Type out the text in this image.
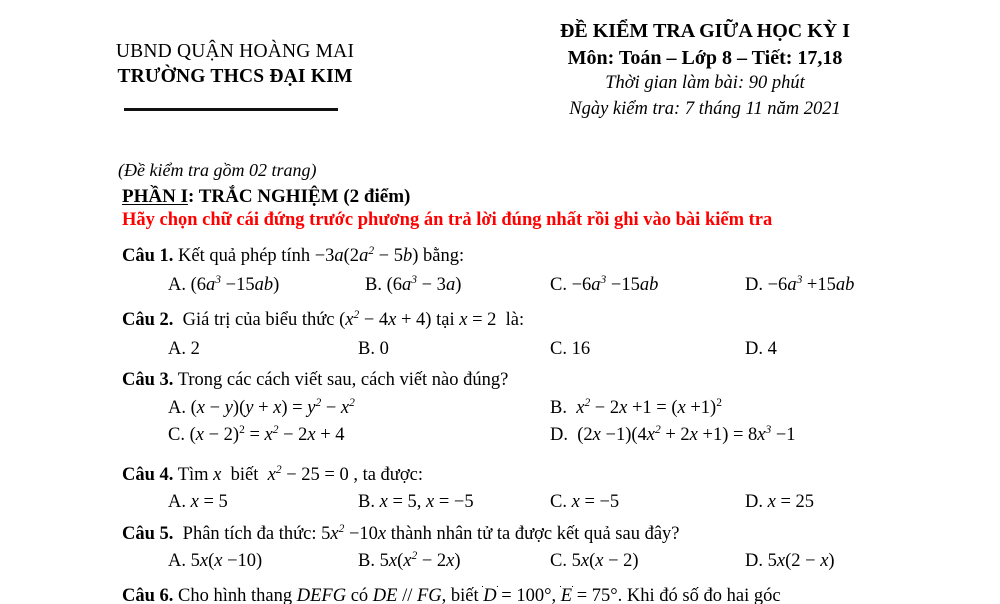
UBND QUẬN HOÀNG MAI
TRƯỜNG THCS ĐẠI KIM
ĐỀ KIỂM TRA GIỮA HỌC KỲ I
Môn: Toán – Lớp 8 – Tiết: 17,18
Thời gian làm bài: 90 phút
Ngày kiểm tra: 7 tháng 11 năm 2021
(Đề kiểm tra gồm 02 trang)
PHẦN I: TRẮC NGHIỆM (2 điểm)
Hãy chọn chữ cái đứng trước phương án trả lời đúng nhất rồi ghi vào bài kiểm tra
Câu 1. Kết quả phép tính $-3a(2a^2 - 5b)$ bằng:
A. $(6a^3 -15ab)$	B. $(6a^3 - 3a)$	C. $-6a^3 -15ab$	D. $-6a^3 +15ab$
Câu 2.  Giá trị của biểu thức $(x^2 - 4x + 4)$ tại x = 2  là:
A. 2	B. 0	C. 16	D. 4
Câu 3. Trong các cách viết sau, cách viết nào đúng?
A. $(x - y)(y + x) = y^2 - x^2$	B. $x^2 - 2x +1 = (x +1)^2$
C. $(x - 2)^2 = x^2 - 2x + 4$	D. $(2x -1)(4x^2 + 2x +1) = 8x^3 -1$
Câu 4. Tìm x  biết  $x^2 - 25 = 0$ , ta được:
A. x = 5	B. x = 5, x = −5	C. x = −5	D. x = 25
Câu 5.  Phân tích đa thức: $5x^2 -10x$ thành nhân tử ta được kết quả sau đây?
A. 5x(x −10)	B. $5x(x^2 - 2x)$	C. 5x(x − 2)	D. 5x(2 − x)
Câu 6. Cho hình thang DEFG có DE // FG, biết
D = 100°,
E = 75°. Khi đó số đo hai góc
